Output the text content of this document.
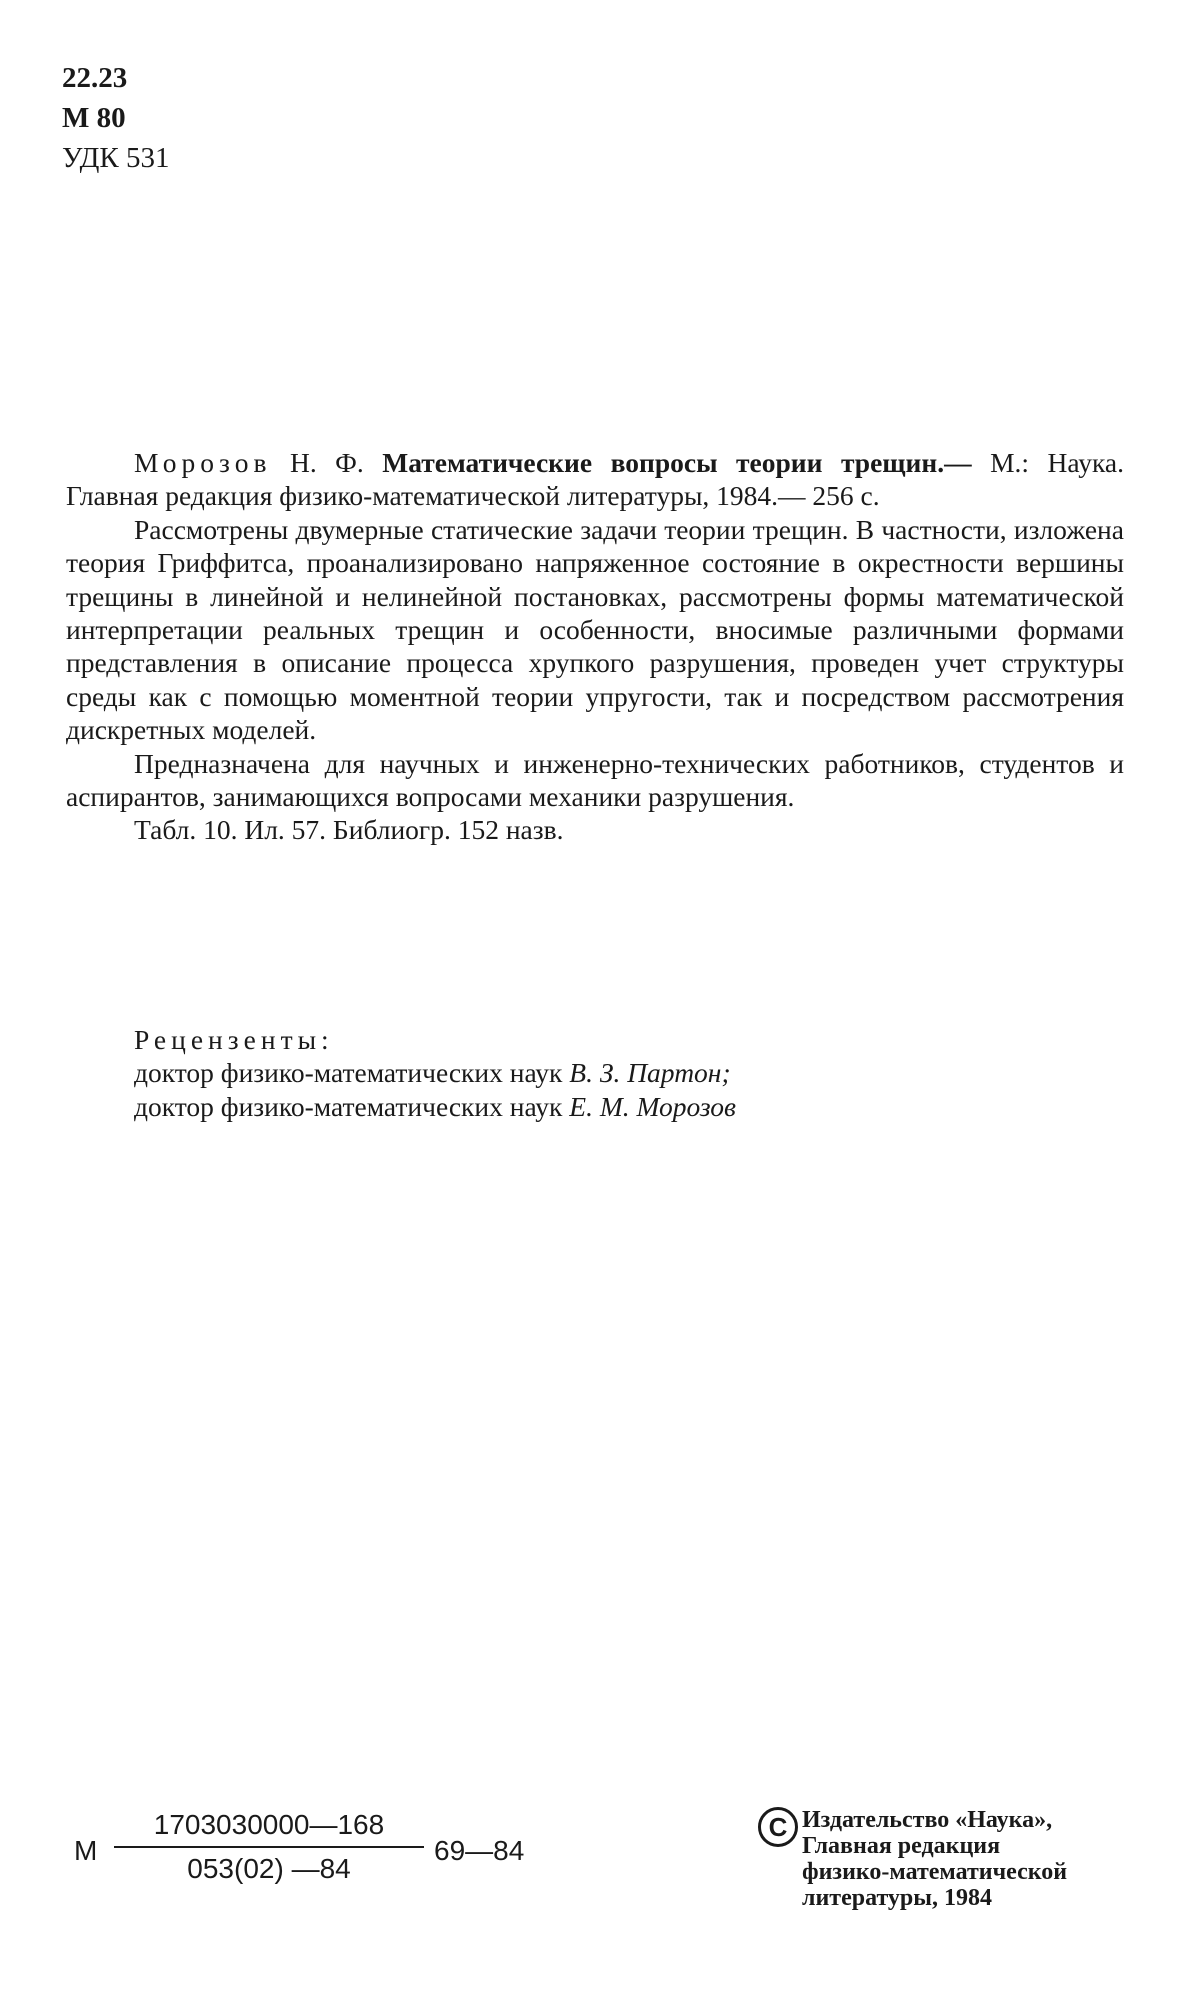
22.23
М 80
УДК 531

Морозов Н. Ф. Математические вопросы теории трещин.— М.: Наука. Главная редакция физико-математической литературы, 1984.— 256 с.

Рассмотрены двумерные статические задачи теории трещин. В частности, изложена теория Гриффитса, проанализировано напряженное состояние в окрестности вершины трещины в линейной и нелинейной постановках, рассмотрены формы математической интерпретации реальных трещин и особенности, вносимые различными формами представления в описание процесса хрупкого разрушения, проведен учет структуры среды как с помощью моментной теории упругости, так и посредством рассмотрения дискретных моделей.

Предназначена для научных и инженерно-технических работников, студентов и аспирантов, занимающихся вопросами механики разрушения.

Табл. 10. Ил. 57. Библиогр. 152 назв.

Рецензенты:
доктор физико-математических наук В. З. Партон;
доктор физико-математических наук Е. М. Морозов
М
1703030000—168
053(02) —84
69—84
C Издательство «Наука»,
Главная редакция
физико-математической
литературы, 1984
